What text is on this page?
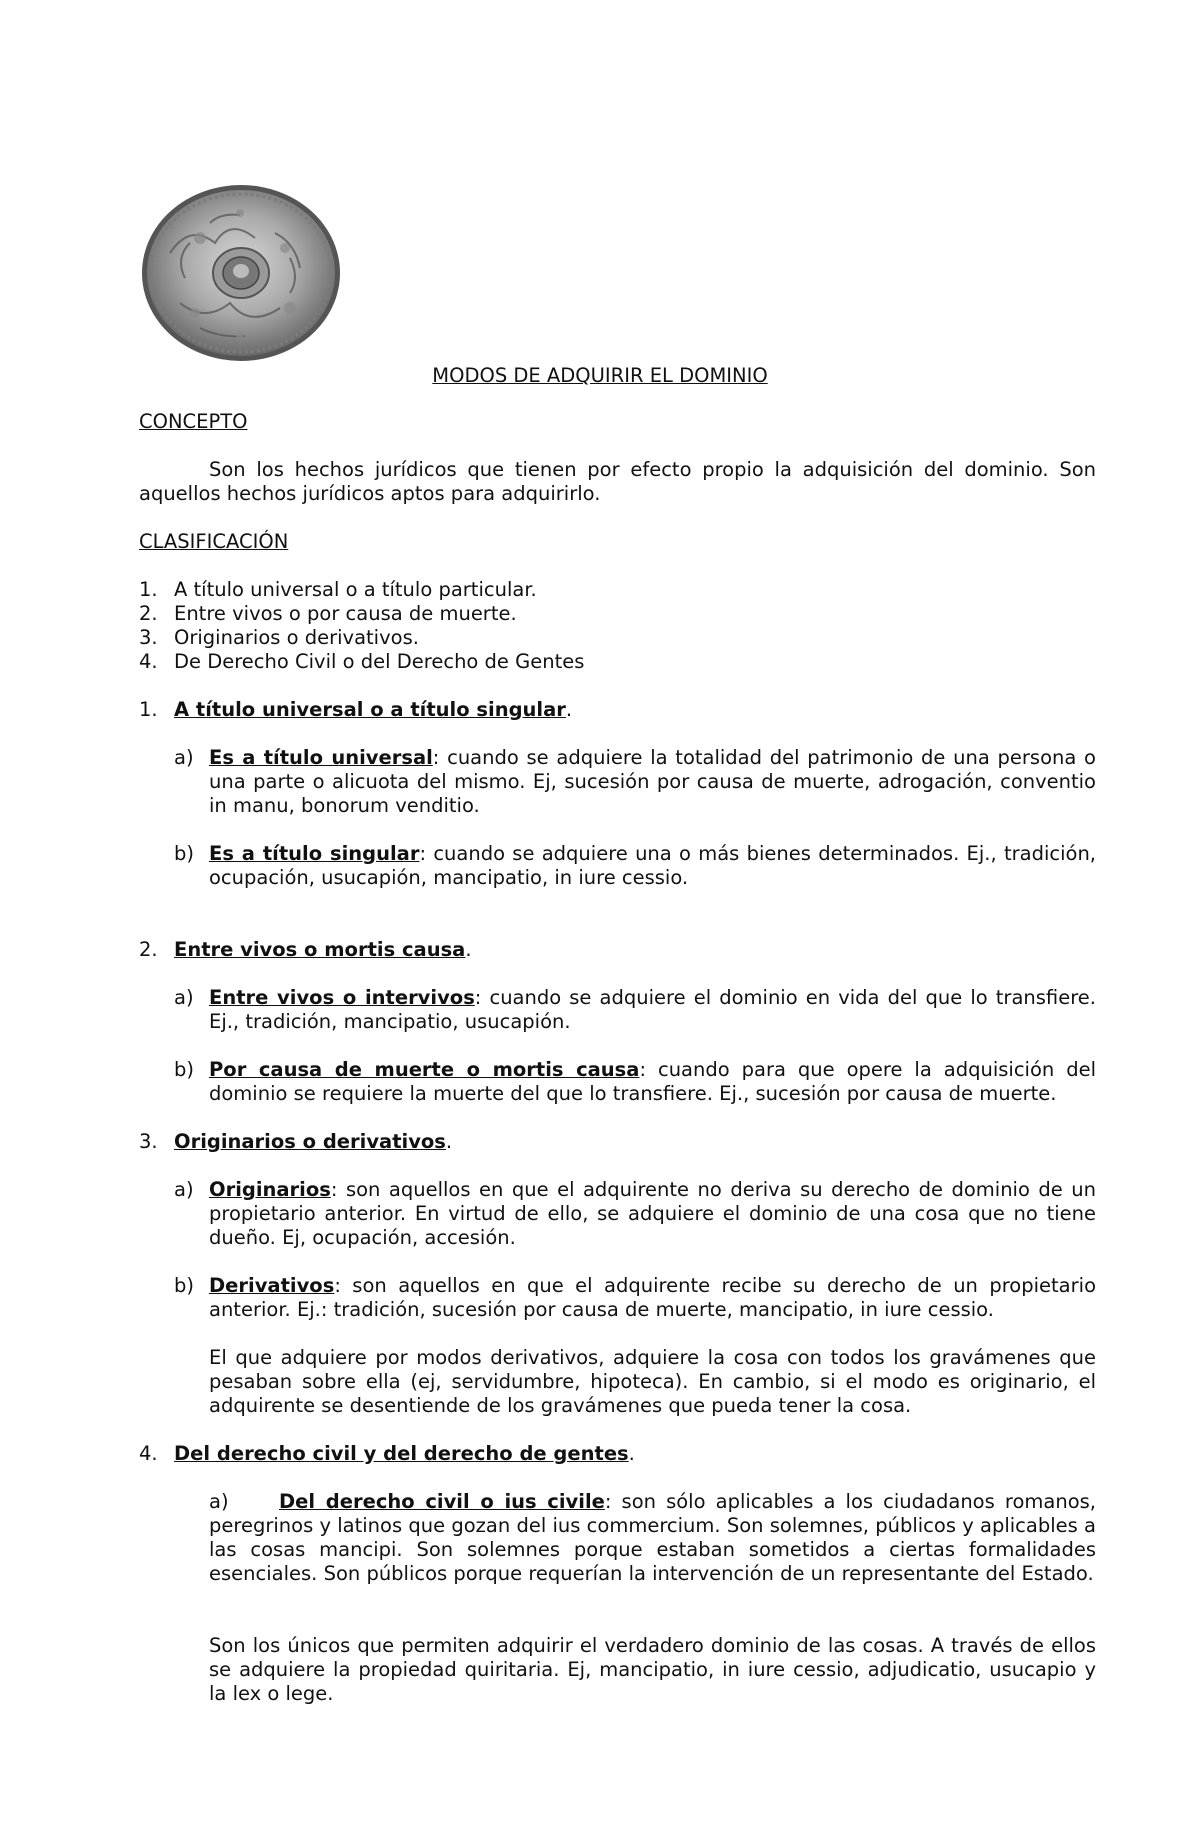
MODOS DE ADQUIRIR EL DOMINIO
CONCEPTO
Son los hechos jurídicos que tienen por efecto propio la adquisición del dominio. Son aquellos hechos jurídicos aptos para adquirirlo.
CLASIFICACIÓN
1. A título universal o a título particular.
2. Entre vivos o por causa de muerte.
3. Originarios o derivativos.
4. De Derecho Civil o del Derecho de Gentes
1. A título universal o a título singular.
a) Es a título universal: cuando se adquiere la totalidad del patrimonio de una persona o una parte o alicuota del mismo. Ej, sucesión por causa de muerte, adrogación, conventio in manu, bonorum venditio.
b) Es a título singular: cuando se adquiere una o más bienes determinados. Ej., tradición, ocupación, usucapión, mancipatio, in iure cessio.
2. Entre vivos o mortis causa.
a) Entre vivos o intervivos: cuando se adquiere el dominio en vida del que lo transfiere. Ej., tradición, mancipatio, usucapión.
b) Por causa de muerte o mortis causa: cuando para que opere la adquisición del dominio se requiere la muerte del que lo transfiere. Ej., sucesión por causa de muerte.
3. Originarios o derivativos.
a) Originarios: son aquellos en que el adquirente no deriva su derecho de dominio de un propietario anterior. En virtud de ello, se adquiere el dominio de una cosa que no tiene dueño. Ej, ocupación, accesión.
b) Derivativos: son aquellos en que el adquirente recibe su derecho de un propietario anterior. Ej.: tradición, sucesión por causa de muerte, mancipatio, in iure cessio.
El que adquiere por modos derivativos, adquiere la cosa con todos los gravámenes que pesaban sobre ella (ej, servidumbre, hipoteca). En cambio, si el modo es originario, el adquirente se desentiende de los gravámenes que pueda tener la cosa.
4. Del derecho civil y del derecho de gentes.
a)	Del derecho civil o ius civile: son sólo aplicables a los ciudadanos romanos, peregrinos y latinos que gozan del ius commercium. Son solemnes, públicos y aplicables a las cosas mancipi. Son solemnes porque estaban sometidos a ciertas formalidades esenciales. Son públicos porque requerían la intervención de un representante del Estado.
Son los únicos que permiten adquirir el verdadero dominio de las cosas. A través de ellos se adquiere la propiedad quiritaria. Ej, mancipatio, in iure cessio, adjudicatio, usucapio y la lex o lege.
